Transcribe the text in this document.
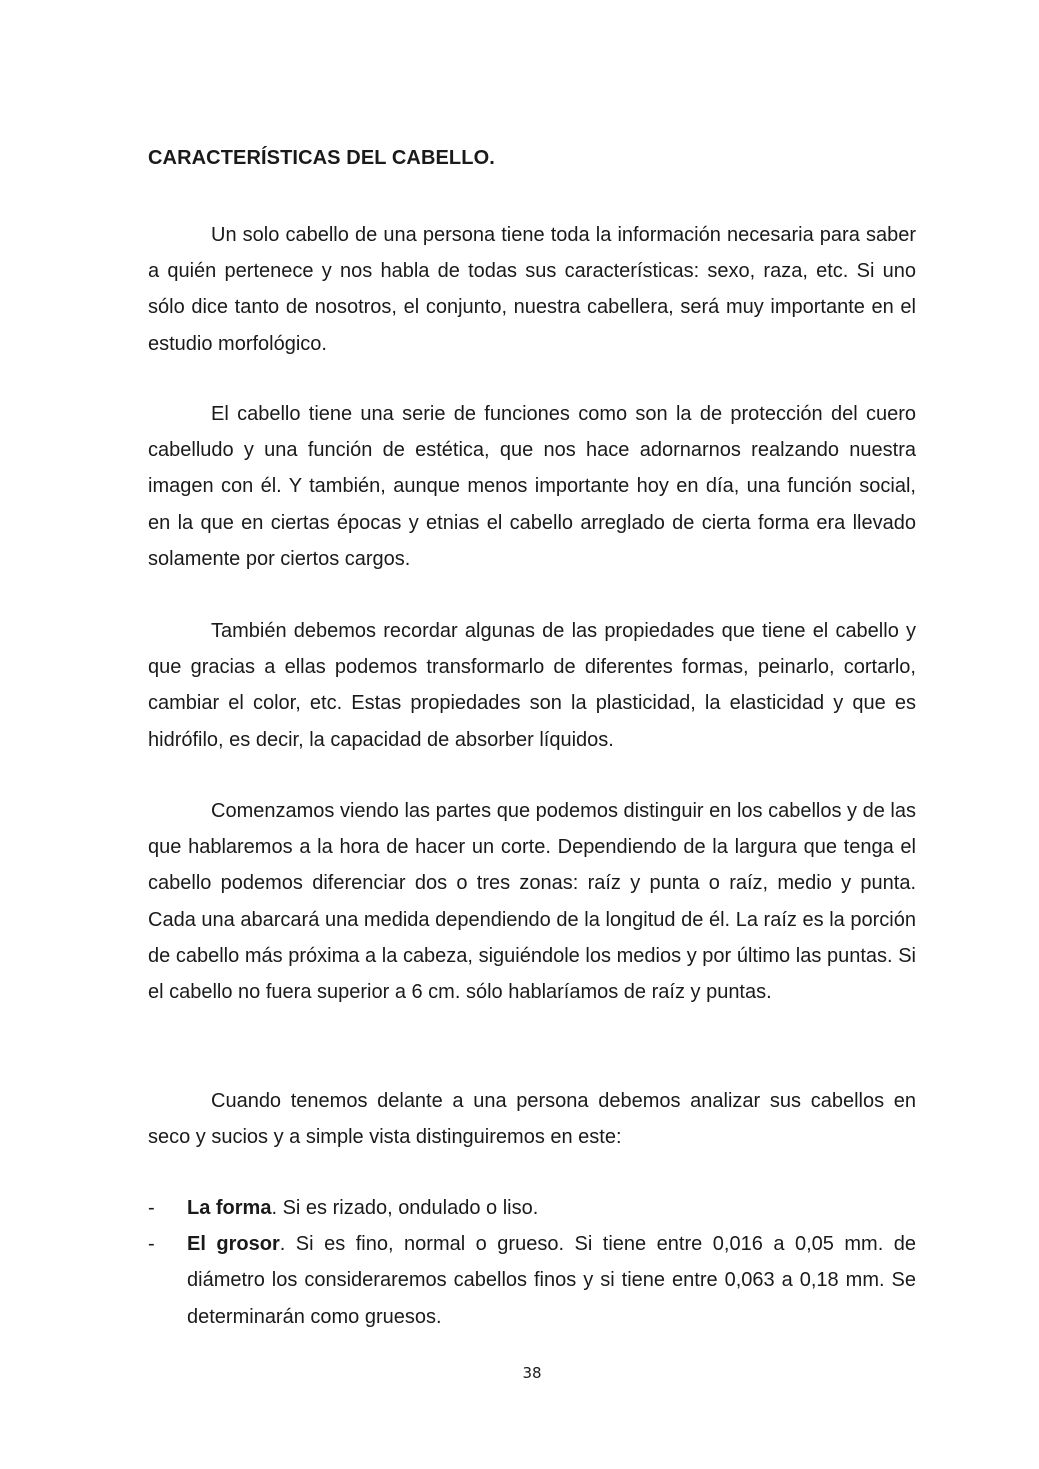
CARACTERÍSTICAS DEL CABELLO.

Un solo cabello de una persona tiene toda la información necesaria para saber a quién pertenece y nos habla de todas sus características: sexo, raza, etc. Si uno sólo dice tanto de nosotros, el conjunto, nuestra cabellera, será muy importante en el estudio morfológico.

El cabello tiene una serie de funciones como son la de protección del cuero cabelludo y una función de estética, que nos hace adornarnos realzando nuestra imagen con él. Y también, aunque menos importante hoy en día, una función social, en la que en ciertas épocas y etnias el cabello arreglado de cierta forma era llevado solamente por ciertos cargos.

También debemos recordar algunas de las propiedades que tiene el cabello y que gracias a ellas podemos transformarlo de diferentes formas, peinarlo, cortarlo, cambiar el color, etc. Estas propiedades son la plasticidad, la elasticidad y que es hidrófilo, es decir, la capacidad de absorber líquidos.

Comenzamos viendo las partes que podemos distinguir en los cabellos y de las que hablaremos a la hora de hacer un corte. Dependiendo de la largura que tenga el cabello podemos diferenciar dos o tres zonas: raíz y punta o raíz, medio y punta. Cada una abarcará una medida dependiendo de la longitud de él. La raíz es la porción de cabello más próxima a la cabeza, siguiéndole los medios y por último las puntas. Si el cabello no fuera superior a 6 cm. sólo hablaríamos de raíz y puntas.

Cuando tenemos delante a una persona debemos analizar sus cabellos en seco y sucios y a simple vista distinguiremos en este:

- La forma. Si es rizado, ondulado o liso.
- El grosor. Si es fino, normal o grueso. Si tiene entre 0,016 a 0,05 mm. de diámetro los consideraremos cabellos finos y si tiene entre 0,063 a 0,18 mm. Se determinarán como gruesos.
38
